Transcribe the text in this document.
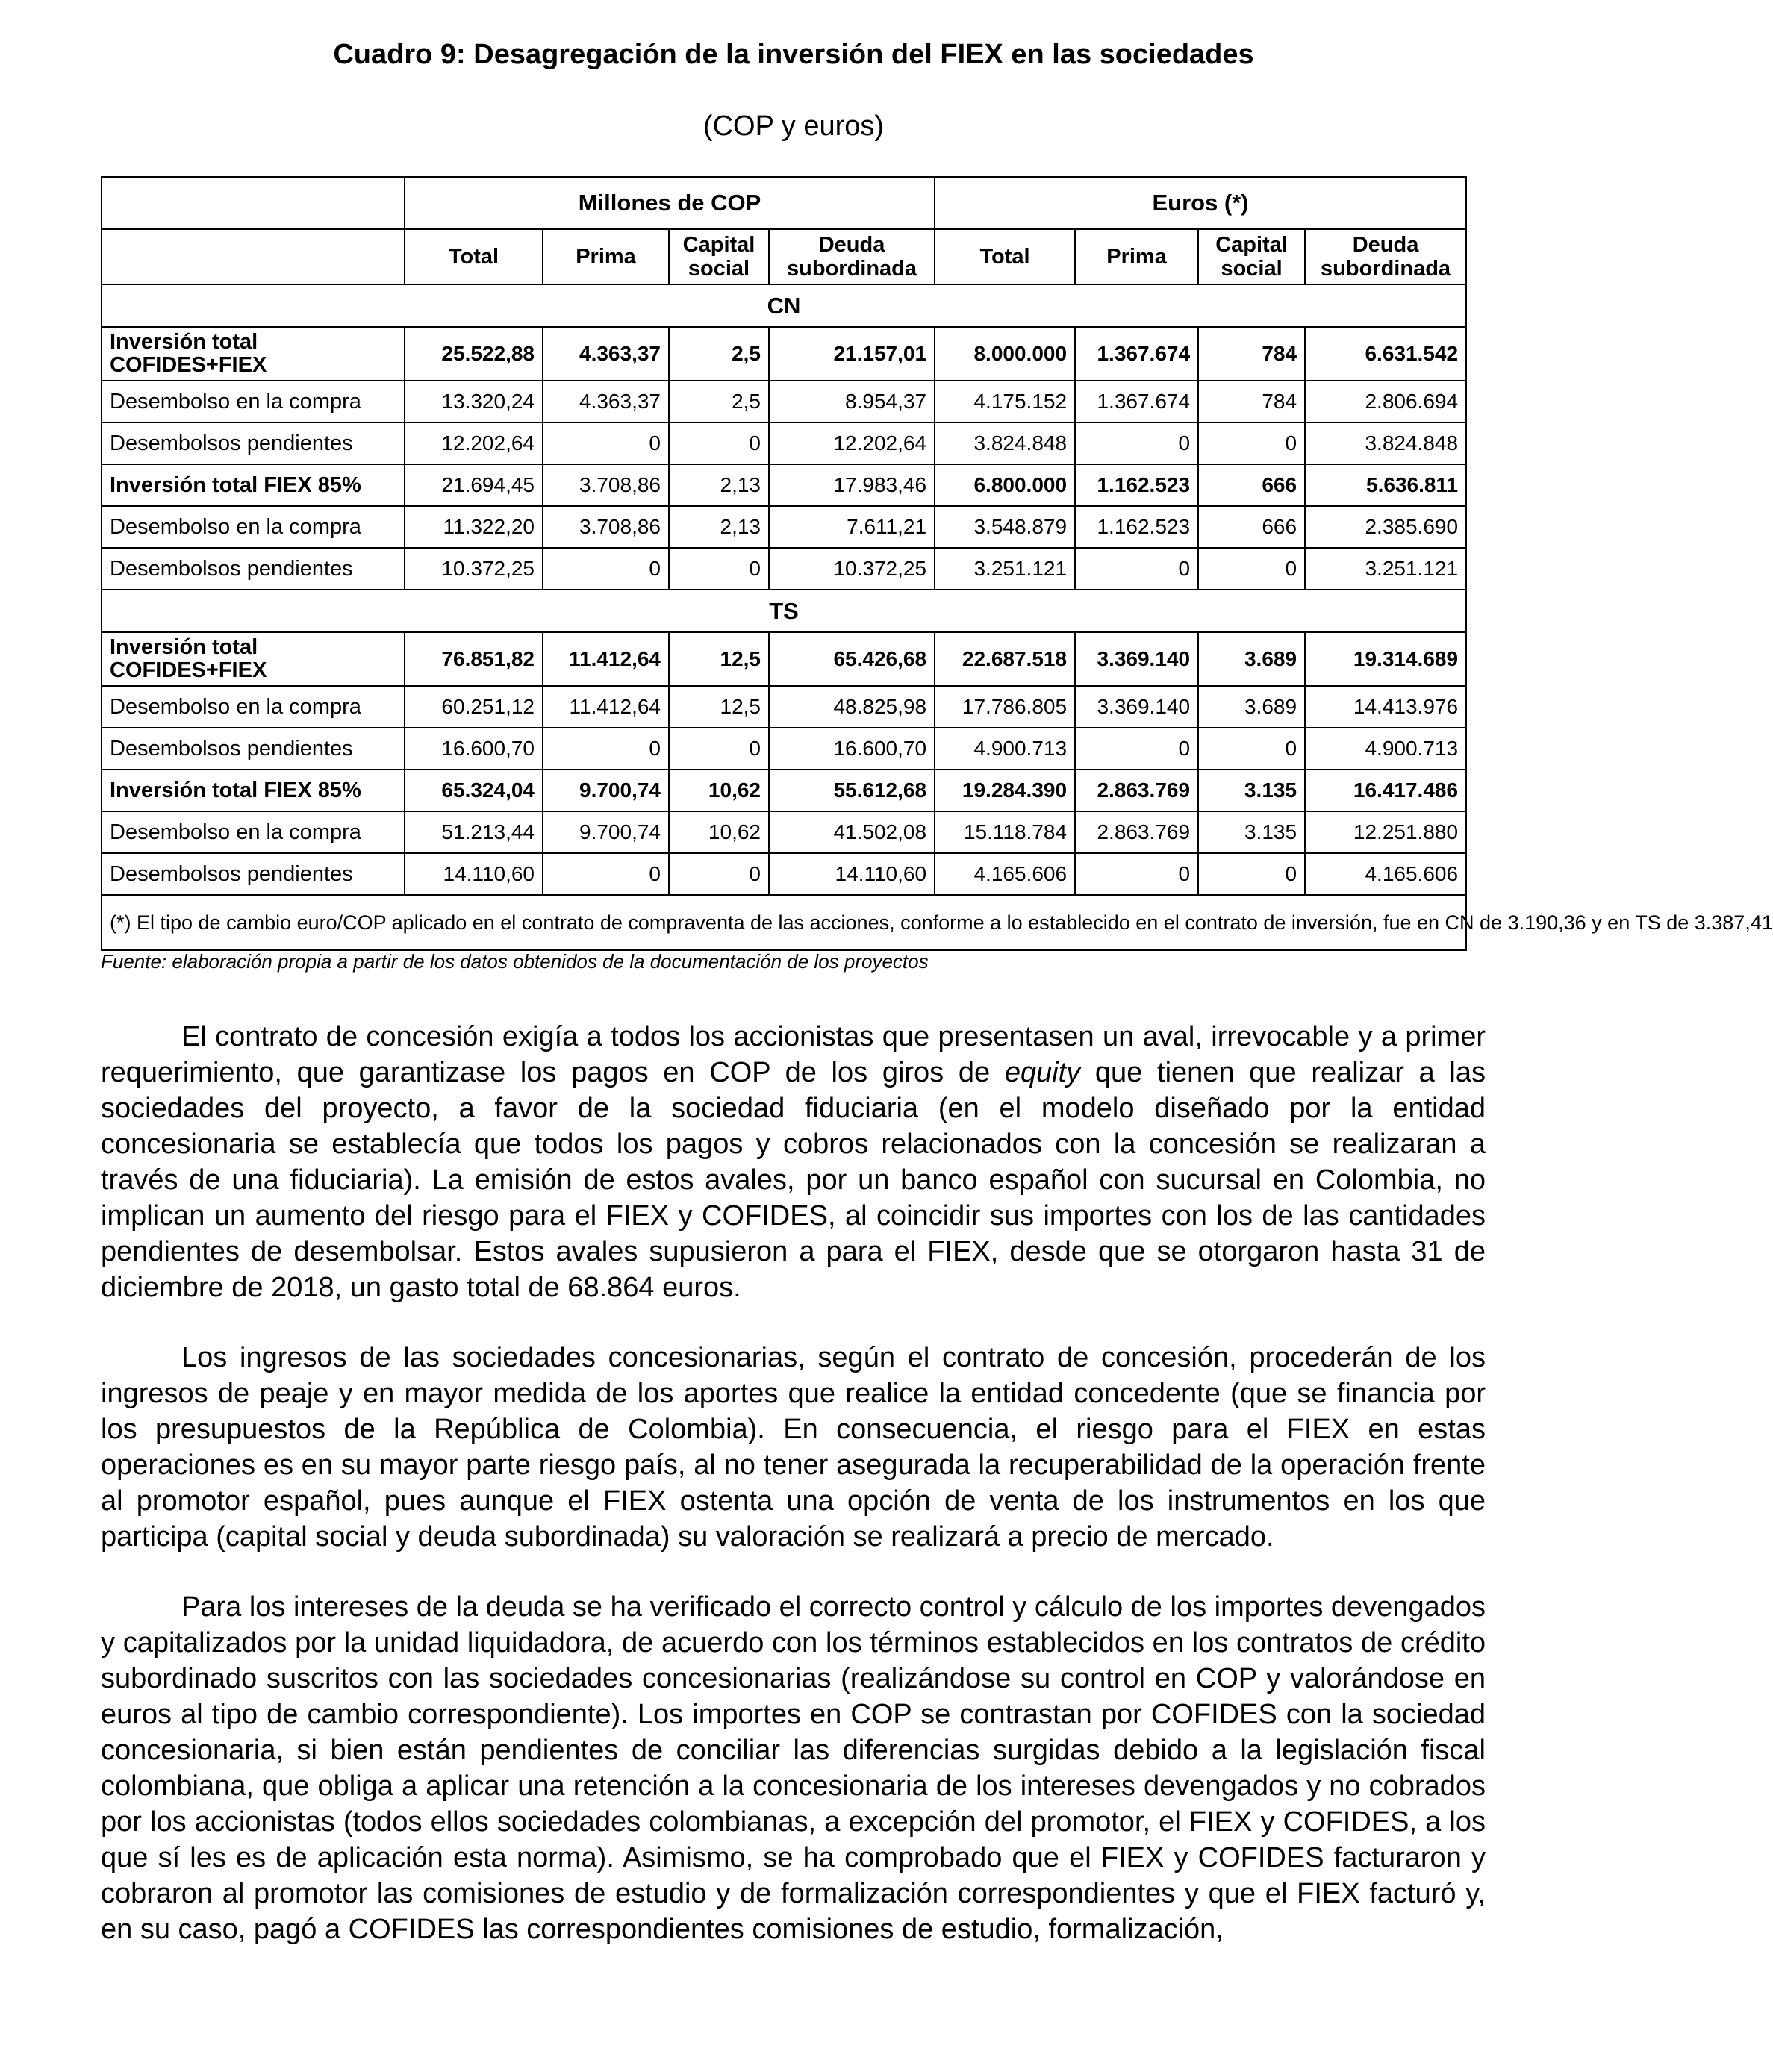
Cuadro 9: Desagregación de la inversión del FIEX en las sociedades
(COP y euros)
	Millones de COP				Euros (*)			
	Total	Prima	Capital social	Deuda subordinada	Total	Prima	Capital social	Deuda subordinada
CN								
Inversión total COFIDES+FIEX	25.522,88	4.363,37	2,5	21.157,01	8.000.000	1.367.674	784	6.631.542
Desembolso en la compra	13.320,24	4.363,37	2,5	8.954,37	4.175.152	1.367.674	784	2.806.694
Desembolsos pendientes	12.202,64	0	0	12.202,64	3.824.848	0	0	3.824.848
Inversión total FIEX 85%	21.694,45	3.708,86	2,13	17.983,46	6.800.000	1.162.523	666	5.636.811
Desembolso en la compra	11.322,20	3.708,86	2,13	7.611,21	3.548.879	1.162.523	666	2.385.690
Desembolsos pendientes	10.372,25	0	0	10.372,25	3.251.121	0	0	3.251.121
TS								
Inversión total COFIDES+FIEX	76.851,82	11.412,64	12,5	65.426,68	22.687.518	3.369.140	3.689	19.314.689
Desembolso en la compra	60.251,12	11.412,64	12,5	48.825,98	17.786.805	3.369.140	3.689	14.413.976
Desembolsos pendientes	16.600,70	0	0	16.600,70	4.900.713	0	0	4.900.713
Inversión total FIEX 85%	65.324,04	9.700,74	10,62	55.612,68	19.284.390	2.863.769	3.135	16.417.486
Desembolso en la compra	51.213,44	9.700,74	10,62	41.502,08	15.118.784	2.863.769	3.135	12.251.880
Desembolsos pendientes	14.110,60	0	0	14.110,60	4.165.606	0	0	4.165.606
(*) El tipo de cambio euro/COP aplicado en el contrato de compraventa de las acciones, conforme a lo establecido en el contrato de inversión, fue en CN de 3.190,36 y en TS de 3.387,41								
Fuente: elaboración propia a partir de los datos obtenidos de la documentación de los proyectos

El contrato de concesión exigía a todos los accionistas que presentasen un aval, irrevocable y a primer requerimiento, que garantizase los pagos en COP de los giros de equity que tienen que realizar a las sociedades del proyecto, a favor de la sociedad fiduciaria (en el modelo diseñado por la entidad concesionaria se establecía que todos los pagos y cobros relacionados con la concesión se realizaran a través de una fiduciaria). La emisión de estos avales, por un banco español con sucursal en Colombia, no implican un aumento del riesgo para el FIEX y COFIDES, al coincidir sus importes con los de las cantidades pendientes de desembolsar. Estos avales supusieron a para el FIEX, desde que se otorgaron hasta 31 de diciembre de 2018, un gasto total de 68.864 euros.

Los ingresos de las sociedades concesionarias, según el contrato de concesión, procederán de los ingresos de peaje y en mayor medida de los aportes que realice la entidad concedente (que se financia por los presupuestos de la República de Colombia). En consecuencia, el riesgo para el FIEX en estas operaciones es en su mayor parte riesgo país, al no tener asegurada la recuperabilidad de la operación frente al promotor español, pues aunque el FIEX ostenta una opción de venta de los instrumentos en los que participa (capital social y deuda subordinada) su valoración se realizará a precio de mercado.

Para los intereses de la deuda se ha verificado el correcto control y cálculo de los importes devengados y capitalizados por la unidad liquidadora, de acuerdo con los términos establecidos en los contratos de crédito subordinado suscritos con las sociedades concesionarias (realizándose su control en COP y valorándose en euros al tipo de cambio correspondiente). Los importes en COP se contrastan por COFIDES con la sociedad concesionaria, si bien están pendientes de conciliar las diferencias surgidas debido a la legislación fiscal colombiana, que obliga a aplicar una retención a la concesionaria de los intereses devengados y no cobrados por los accionistas (todos ellos sociedades colombianas, a excepción del promotor, el FIEX y COFIDES, a los que sí les es de aplicación esta norma). Asimismo, se ha comprobado que el FIEX y COFIDES facturaron y cobraron al promotor las comisiones de estudio y de formalización correspondientes y que el FIEX facturó y, en su caso, pagó a COFIDES las correspondientes comisiones de estudio, formalización,
